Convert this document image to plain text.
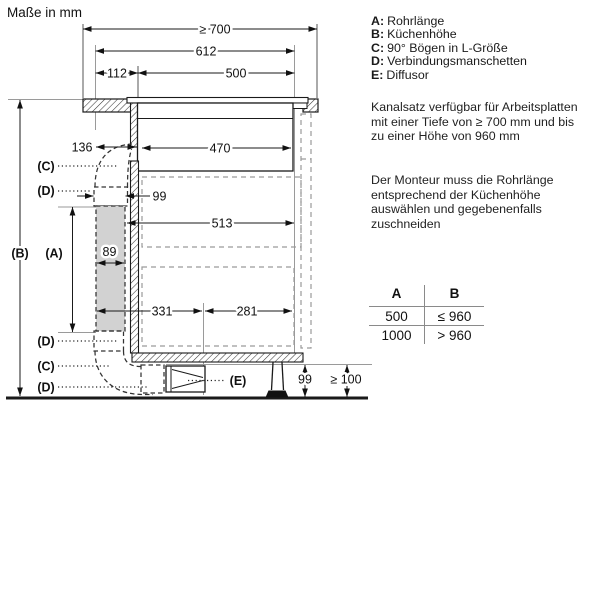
Maße in mm
≥ 700
612
112	500
136	470
99
513
89
331	281
99 ≥ 100
(C)
(D)
(B) (A)
(D)
(C)
(D)	(E)
A: Rohrlänge
B: Küchenhöhe
C: 90° Bögen in L-Größe
D: Verbindungsmanschetten
E: Diffusor
Kanalsatz verfügbar für Arbeitsplatten mit einer Tiefe von ≥ 700 mm und bis zu einer Höhe von 960 mm
Der Monteur muss die Rohrlänge entsprechend der Küchenhöhe auswählen und gegebenenfalls zuschneiden
A	B
500	≤ 960
1000	> 960
